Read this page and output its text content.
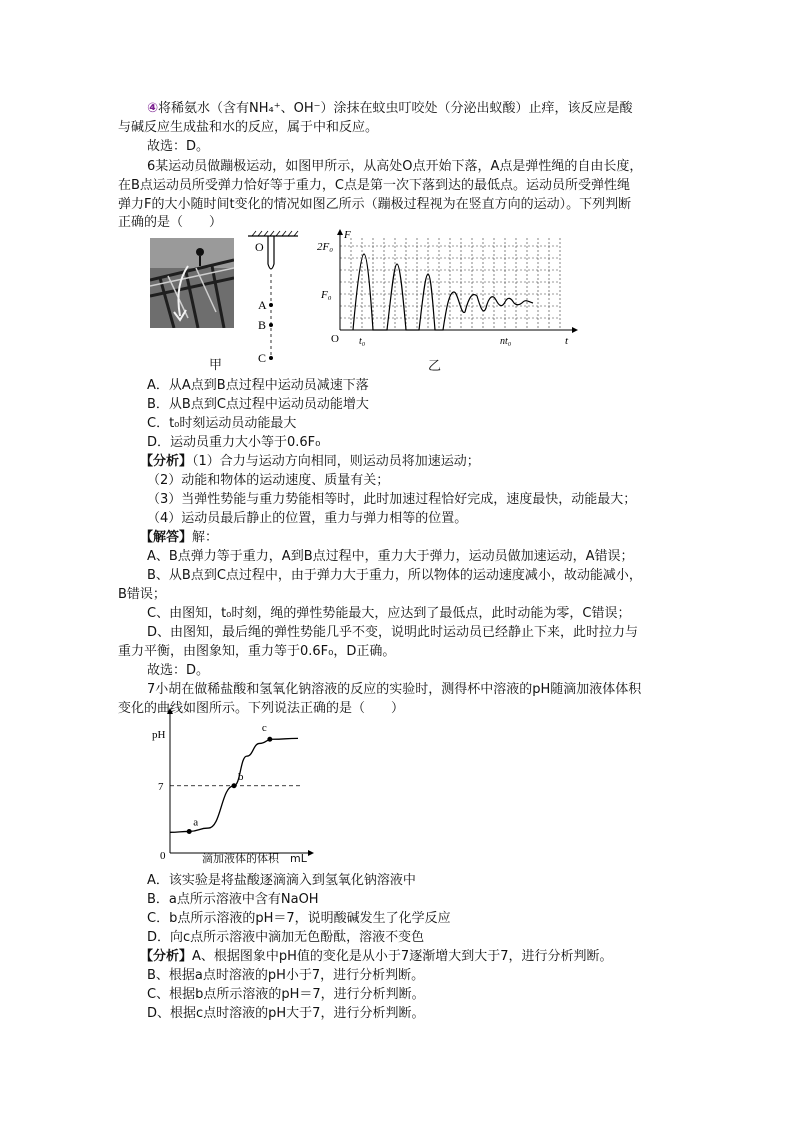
④将稀氨水（含有NH₄⁺、OH⁻）涂抹在蚊虫叮咬处（分泌出蚁酸）止痒，该反应是酸
与碱反应生成盐和水的反应，属于中和反应。
故选：D。
6某运动员做蹦极运动，如图甲所示，从高处O点开始下落，A点是弹性绳的自由长度，
在B点运动员所受弹力恰好等于重力，C点是第一次下落到达的最低点。运动员所受弹性绳
弹力F的大小随时间t变化的情况如图乙所示（蹦极过程视为在竖直方向的运动）。下列判断
正确的是（　　）
O
A
B
C
甲
F
2F₀
F₀
O t₀	nt₀	t
乙
A．从A点到B点过程中运动员减速下落
B．从B点到C点过程中运动员动能增大
C．t₀时刻运动员动能最大
D．运动员重力大小等于0.6F₀
【分析】（1）合力与运动方向相同，则运动员将加速运动；
（2）动能和物体的运动速度、质量有关；
（3）当弹性势能与重力势能相等时，此时加速过程恰好完成，速度最快，动能最大；
（4）运动员最后静止的位置，重力与弹力相等的位置。
【解答】解：
A、B点弹力等于重力，A到B点过程中，重力大于弹力，运动员做加速运动，A错误；
B、从B点到C点过程中，由于弹力大于重力，所以物体的运动速度减小，故动能减小，
B错误；
C、由图知，t₀时刻，绳的弹性势能最大，应达到了最低点，此时动能为零，C错误；
D、由图知，最后绳的弹性势能几乎不变，说明此时运动员已经静止下来，此时拉力与
重力平衡，由图象知，重力等于0.6F₀，D正确。
故选：D。
7小胡在做稀盐酸和氢氧化钠溶液的反应的实验时，测得杯中溶液的pH随滴加液体体积
变化的曲线如图所示。下列说法正确的是（　　）
a
b
c
pH
7
0	滴加液体的体积　mL
A．该实验是将盐酸逐滴滴入到氢氧化钠溶液中
B．a点所示溶液中含有NaOH
C．b点所示溶液的pH＝7，说明酸碱发生了化学反应
D．向c点所示溶液中滴加无色酚酞，溶液不变色
【分析】A、根据图象中pH值的变化是从小于7逐渐增大到大于7，进行分析判断。
B、根据a点时溶液的pH小于7，进行分析判断。
C、根据b点所示溶液的pH＝7，进行分析判断。
D、根据c点时溶液的pH大于7，进行分析判断。
